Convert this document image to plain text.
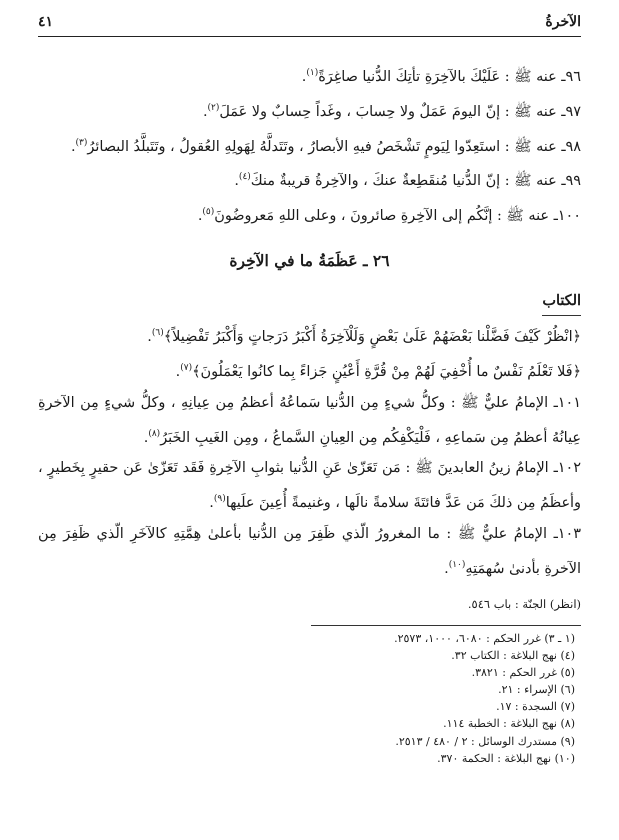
الآخرةُ
٤١

٩٦ـ عنه ﷺ : عَلَيْكَ بالآخِرَةِ تأتِكَ الدُّنيا صاغِرَةً$^{(١)}$.

٩٧ـ عنه ﷺ : إنّ اليومَ عَمَلٌ ولا حِسابَ ، وغَداً حِسابٌ ولا عَمَلَ$^{(٢)}$.

٩٨ـ عنه ﷺ : استَعِدّوا لِيَومٍ تَشْخَصُ فيهِ الأبصارُ ، وتَتَدلَّهُ لِهَولِهِ العُقولُ ، وتَتَبلَّدُ البصائرُ$^{(٣)}$.

٩٩ـ عنه ﷺ : إنّ الدُّنيا مُنقَطِعةٌ عنكَ ، والآخِرةُ قريبةٌ منكَ$^{(٤)}$.

١٠٠ـ عنه ﷺ : إنَّكُم إلى الآخِرةِ صائرونَ ، وعلى اللهِ مَعروضُونَ$^{(٥)}$.

٢٦ ـ عَظَمَةُ ما في الآخِرة
الكتاب

﴿انْظُرْ كَيْفَ فَضَّلْنا بَعْضَهُمْ عَلَىٰ بَعْضٍ وَلَلْآخِرَةُ أَكْبَرُ دَرَجاتٍ وَأَكْبَرُ تَفْضِيلاً﴾$^{(٦)}$.

﴿فَلا تَعْلَمُ نَفْسٌ ما أُخْفِيَ لَهُمْ مِنْ قُرَّةِ أَعْيُنٍ جَزاءً بِما كانُوا يَعْمَلُونَ﴾$^{(٧)}$.

١٠١ـ الإمامُ عليٌّ ﷺ : وكلُّ شيءٍ مِن الدُّنيا سَماعُهُ أعظمُ مِن عِيانِهِ ، وكلُّ شيءٍ مِن الآخرةِ عِيانُهُ أعظمُ مِن سَماعِهِ ، فَلْيَكْفِكُم مِن العِيانِ السَّماعُ ، ومِن الغَيبِ الخَبَرُ$^{(٨)}$.

١٠٢ـ الإمامُ زينُ العابدينَ ﷺ : مَن تَعَزّىٰ عَنِ الدُّنيا بثوابِ الآخِرةِ فَقَد تَعَزّىٰ عَن حقيرٍ بِخَطيرٍ ، وأعظَمُ مِن ذلكَ مَن عَدَّ فائتَةَ سلامةً نالَها ، وغنيمةً أُعِينَ علَيها$^{(٩)}$.

١٠٣ـ الإمامُ عليٌّ ﷺ : ما المغرورُ الّذي ظَفِرَ مِن الدُّنيا بأعلىٰ هِمَّتِهِ كالآخَرِ الّذي ظَفِرَ مِن الآخرةِ بأدنىٰ سُهمَتِهِ$^{(١٠)}$.

(انظر) الجنّة : باب ٥٤٦.

(١ ـ ٣) غرر الحكم : ٦٠٨٠، ١٠٠٠، ٢٥٧٣.

(٤) نهج البلاغة : الكتاب ٣٢.

(٥) غرر الحكم : ٣٨٢١.

(٦) الإسراء : ٢١.

(٧) السجدة : ١٧.

(٨) نهج البلاغة : الخطبة ١١٤.

(٩) مستدرك الوسائل : ٢ / ٤٨٠ / ٢٥١٣.

(١٠) نهج البلاغة : الحكمة ٣٧٠.
